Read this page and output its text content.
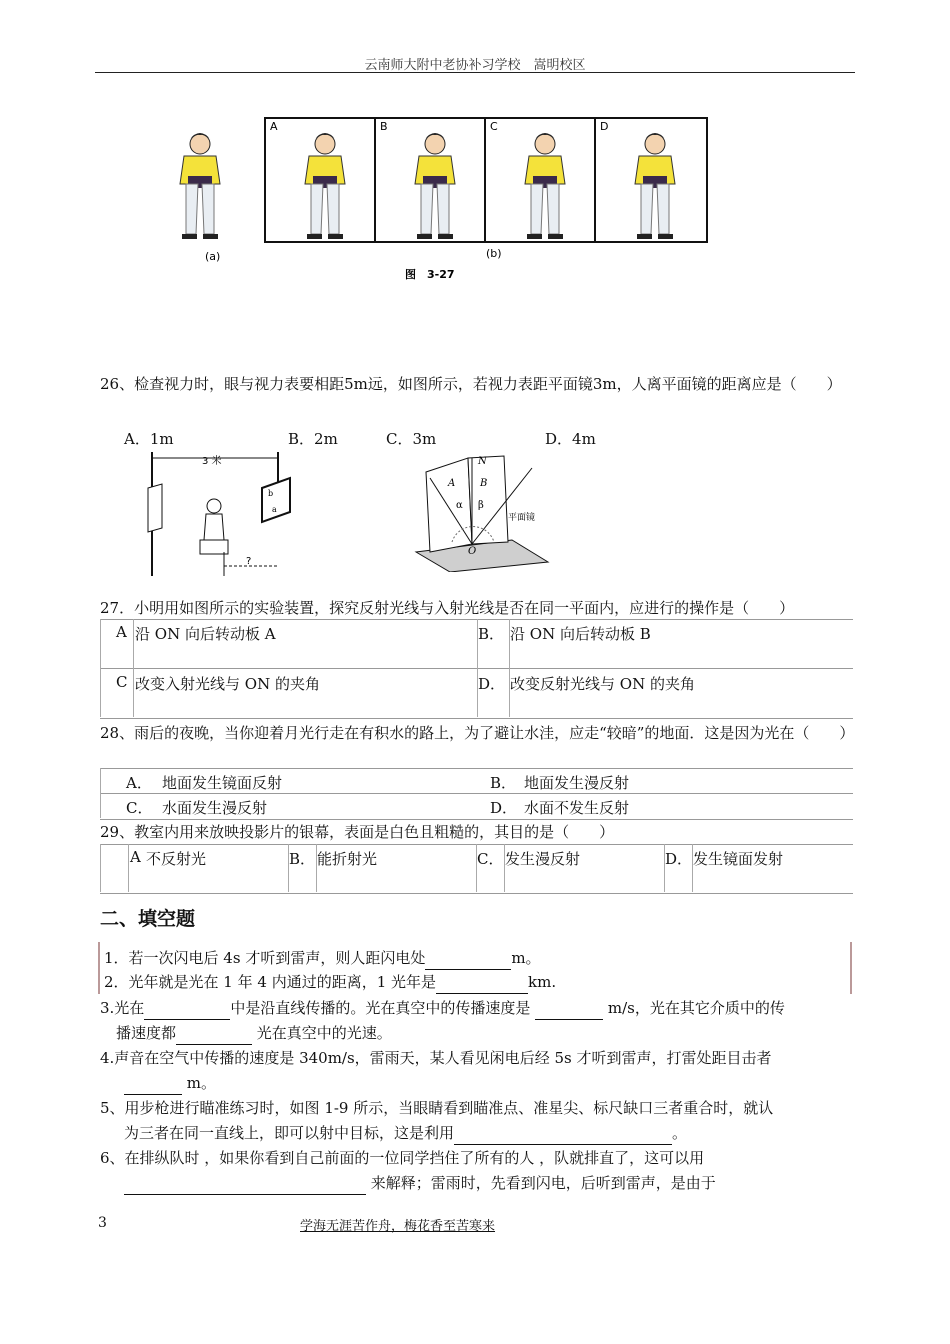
云南师大附中老协补习学校　嵩明校区
A	B	C	D
(a)	(b)
图　3-27
26、检查视力时，眼与视力表要相距5m远，如图所示，若视力表距平面镜3m，人离平面镜的距离应是（　　）
A．1m	B．2m	C．3m	D．4m
3 米
b
a
?
N
A B
α β
O
平面镜
27．小明用如图所示的实验装置，探究反射光线与入射光线是否在同一平面内，应进行的操作是（　　）
A 沿 ON 向后转动板 A	B． 沿 ON 向后转动板 B
C 改变入射光线与 ON 的夹角	D． 改变反射光线与 ON 的夹角
28、雨后的夜晚，当你迎着月光行走在有积水的路上，为了避让水洼，应走“较暗”的地面．这是因为光在（　　）
A． 地面发生镜面反射	B． 地面发生漫反射
C． 水面发生漫反射	D． 水面不发生反射
29、教室内用来放映投影片的银幕，表面是白色且粗糙的，其目的是（　　）
A 不反射光	B． 能折射光	C． 发生漫反射	D． 发生镜面发射
二、填空题
1．若一次闪电后 4s 才听到雷声，则人距闪电处	m。
2．光年就是光在 1 年 4 内通过的距离，1 光年是	km.
3.光在	中是沿直线传播的。光在真空中的传播速度是	m/s，光在其它介质中的传
播速度都	光在真空中的光速。
4.声音在空气中传播的速度是 340m/s，雷雨天，某人看见闲电后经 5s 才听到雷声，打雷处距目击者
m。
5、用步枪进行瞄准练习时，如图 1-9 所示，当眼睛看到瞄准点、准星尖、标尺缺口三者重合时，就认
为三者在同一直线上，即可以射中目标，这是利用	。
6、在排纵队时 ，如果你看到自己前面的一位同学挡住了所有的人 ，队就排直了，这可以用
来解释；雷雨时，先看到闪电，后听到雷声，是由于
3	学海无涯苦作舟，梅花香至苦寒来
